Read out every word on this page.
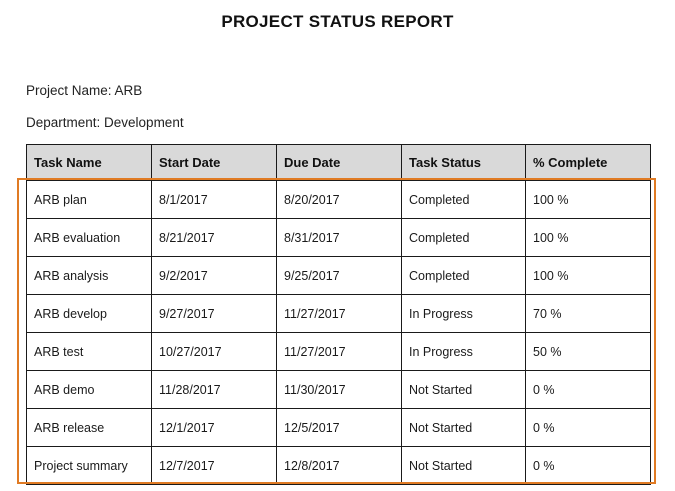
PROJECT STATUS REPORT
Project Name: ARB
Department: Development
Task Name	Start Date	Due Date	Task Status	% Complete
ARB plan	8/1/2017	8/20/2017	Completed	100 %
ARB evaluation	8/21/2017	8/31/2017	Completed	100 %
ARB analysis	9/2/2017	9/25/2017	Completed	100 %
ARB develop	9/27/2017	11/27/2017	In Progress	70 %
ARB test	10/27/2017	11/27/2017	In Progress	50 %
ARB demo	11/28/2017	11/30/2017	Not Started	0 %
ARB release	12/1/2017	12/5/2017	Not Started	0 %
Project summary	12/7/2017	12/8/2017	Not Started	0 %
